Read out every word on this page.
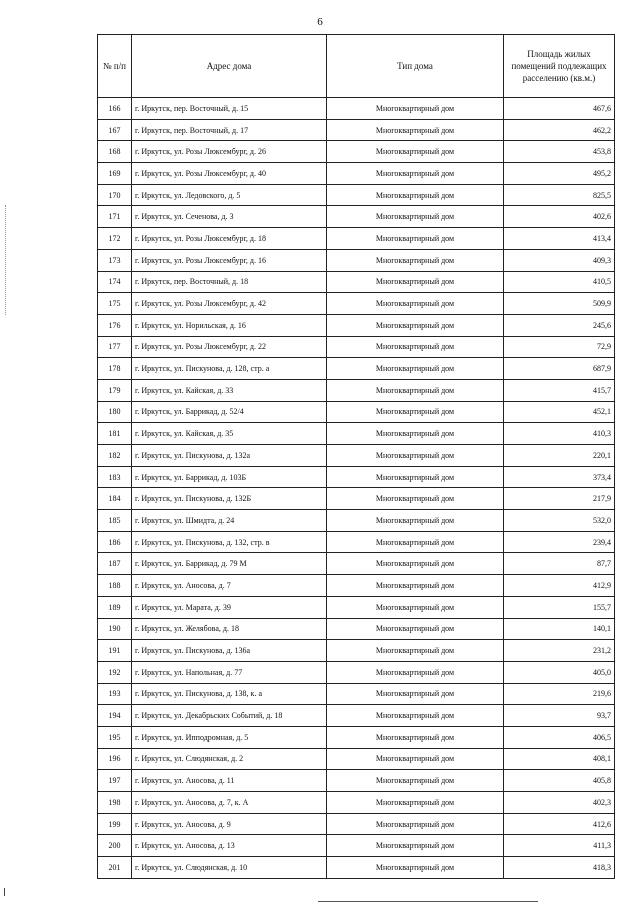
6
№ п/п	Адрес дома	Тип дома	Площадь жилых помещений подлежащих расселению (кв.м.)
166	г. Иркутск, пер. Восточный, д. 15	Многоквартирный дом	467,6
167	г. Иркутск, пер. Восточный, д. 17	Многоквартирный дом	462,2
168	г. Иркутск, ул. Розы Люксембург, д. 26	Многоквартирный дом	453,8
169	г. Иркутск, ул. Розы Люксембург, д. 40	Многоквартирный дом	495,2
170	г. Иркутск, ул. Ледовского, д. 5	Многоквартирный дом	825,5
171	г. Иркутск, ул. Сеченова, д. 3	Многоквартирный дом	402,6
172	г. Иркутск, ул. Розы Люксембург, д. 18	Многоквартирный дом	413,4
173	г. Иркутск, ул. Розы Люксембург, д. 16	Многоквартирный дом	409,3
174	г. Иркутск, пер. Восточный, д. 18	Многоквартирный дом	410,5
175	г. Иркутск, ул. Розы Люксембург, д. 42	Многоквартирный дом	509,9
176	г. Иркутск, ул. Норильская, д. 16	Многоквартирный дом	245,6
177	г. Иркутск, ул. Розы Люксембург, д. 22	Многоквартирный дом	72,9
178	г. Иркутск, ул. Пискунова, д. 128, стр. а	Многоквартирный дом	687,9
179	г. Иркутск, ул. Кайская, д. 33	Многоквартирный дом	415,7
180	г. Иркутск, ул. Баррикад, д. 52/4	Многоквартирный дом	452,1
181	г. Иркутск, ул. Кайская, д. 35	Многоквартирный дом	410,3
182	г. Иркутск, ул. Пискунова, д. 132а	Многоквартирный дом	220,1
183	г. Иркутск, ул. Баррикад, д. 103Б	Многоквартирный дом	373,4
184	г. Иркутск, ул. Пискунова, д. 132Б	Многоквартирный дом	217,9
185	г. Иркутск, ул. Шмидта, д. 24	Многоквартирный дом	532,0
186	г. Иркутск, ул. Пискунова, д. 132, стр. в	Многоквартирный дом	239,4
187	г. Иркутск, ул. Баррикад, д. 79 М	Многоквартирный дом	87,7
188	г. Иркутск, ул. Аносова, д. 7	Многоквартирный дом	412,9
189	г. Иркутск, ул. Марата, д. 39	Многоквартирный дом	155,7
190	г. Иркутск, ул. Желябова, д. 18	Многоквартирный дом	140,1
191	г. Иркутск, ул. Пискунова, д. 136а	Многоквартирный дом	231,2
192	г. Иркутск, ул. Напольная, д. 77	Многоквартирный дом	405,0
193	г. Иркутск, ул. Пискунова, д. 138, к. а	Многоквартирный дом	219,6
194	г. Иркутск, ул. Декабрьских Событий, д. 18	Многоквартирный дом	93,7
195	г. Иркутск, ул. Ипподромная, д. 5	Многоквартирный дом	406,5
196	г. Иркутск, ул. Слюдянская, д. 2	Многоквартирный дом	408,1
197	г. Иркутск, ул. Аносова, д. 11	Многоквартирный дом	405,8
198	г. Иркутск, ул. Аносова, д. 7, к. А	Многоквартирный дом	402,3
199	г. Иркутск, ул. Аносова, д. 9	Многоквартирный дом	412,6
200	г. Иркутск, ул. Аносова, д. 13	Многоквартирный дом	411,3
201	г. Иркутск, ул. Слюдянская, д. 10	Многоквартирный дом	418,3
